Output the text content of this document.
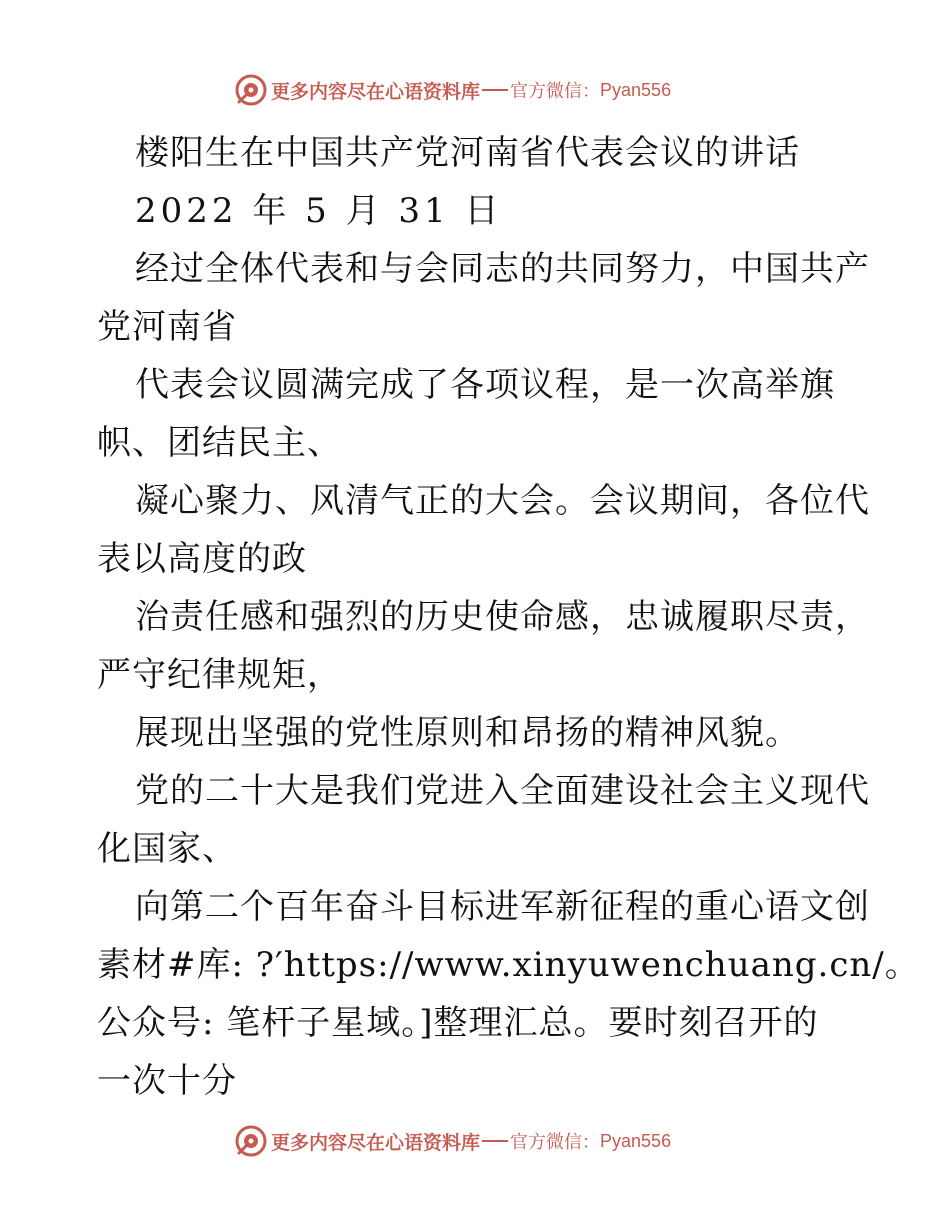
更多内容尽在心语资料库 官方微信： Pyan556
楼阳生在中国共产党河南省代表会议的讲话
2022 年 5 月 31 日
经过全体代表和与会同志的共同努力，中国共产
党河南省
代表会议圆满完成了各项议程，是一次高举旗
帜、团结民主、
凝心聚力、风清气正的大会。会议期间，各位代
表以高度的政
治责任感和强烈的历史使命感，忠诚履职尽责，
严守纪律规矩，
展现出坚强的党性原则和昂扬的精神风貌。
党的二十大是我们党进入全面建设社会主义现代
化国家、
向第二个百年奋斗目标进军新征程的重心语文创
素材#库: ?′https://www.xinyuwenchuang.cn/。
公众号: 笔杆子星域。]整理汇总。要时刻召开的
一次十分
更多内容尽在心语资料库 官方微信： Pyan556
